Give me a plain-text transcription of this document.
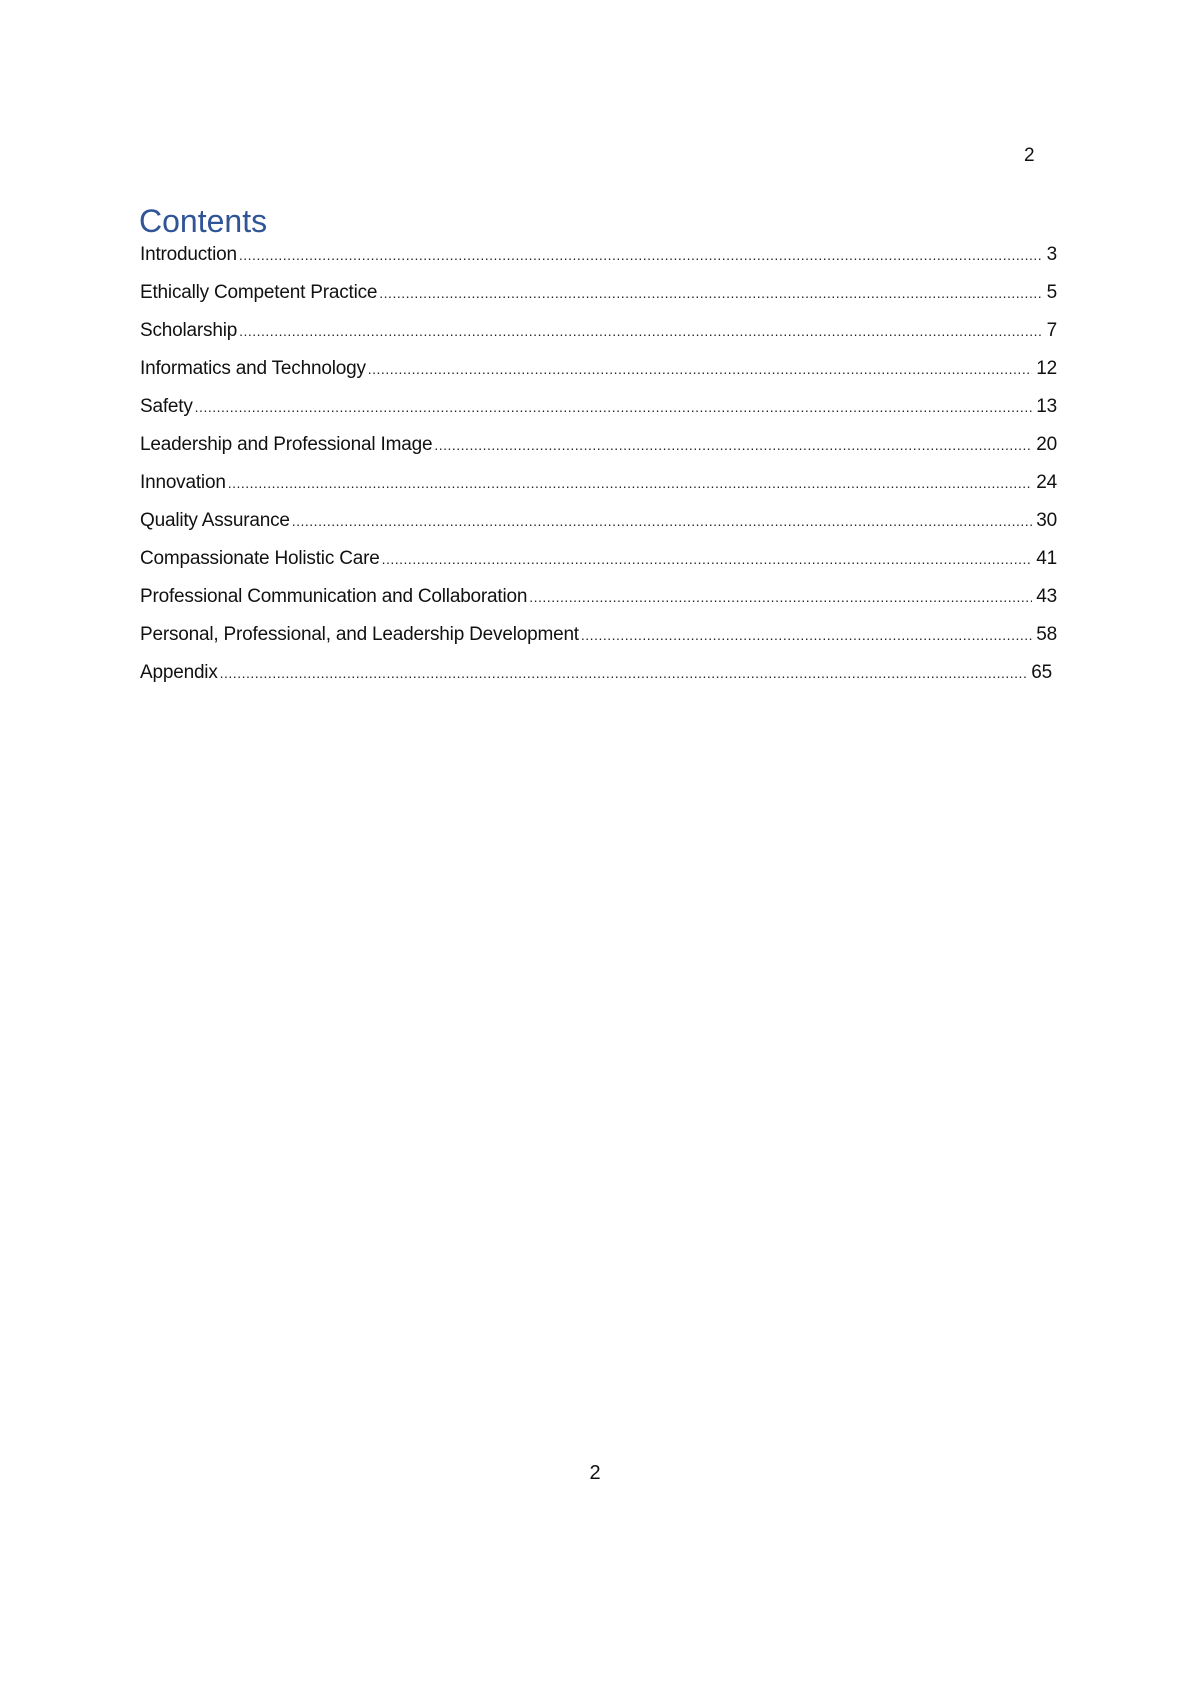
2
Contents
Introduction .....	3
Ethically Competent Practice .....	5
Scholarship .....	7
Informatics and Technology .....	12
Safety .....	13
Leadership and Professional Image .....	20
Innovation .....	24
Quality Assurance .....	30
Compassionate Holistic Care .....	41
Professional Communication and Collaboration .....	43
Personal, Professional, and Leadership Development .....	58
Appendix .....	65
2
